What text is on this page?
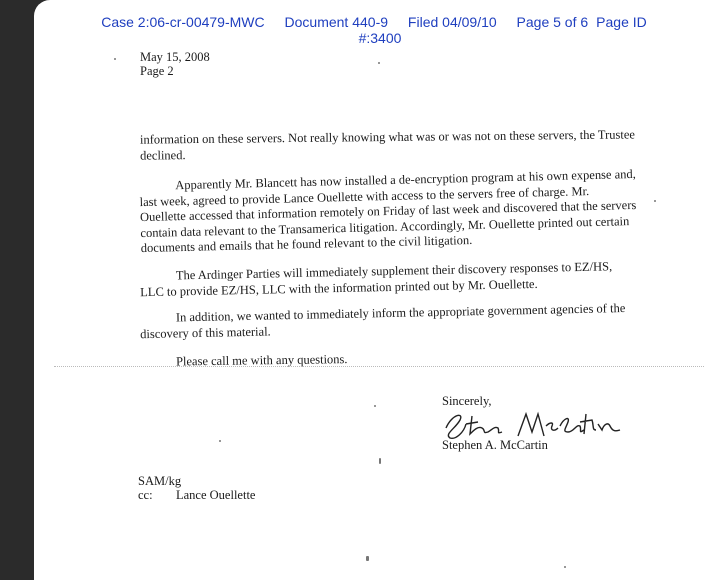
Case 2:06-cr-00479-MWC Document 440-9 Filed 04/09/10 Page 5 of 6 Page ID
#:3400
May 15, 2008
Page 2
information on these servers. Not really knowing what was or was not on these servers, the Trustee declined.
Apparently Mr. Blancett has now installed a de-encryption program at his own expense and, last week, agreed to provide Lance Ouellette with access to the servers free of charge. Mr. Ouellette accessed that information remotely on Friday of last week and discovered that the servers contain data relevant to the Transamerica litigation. Accordingly, Mr. Ouellette printed out certain documents and emails that he found relevant to the civil litigation.
The Ardinger Parties will immediately supplement their discovery responses to EZ/HS, LLC to provide EZ/HS, LLC with the information printed out by Mr. Ouellette.
In addition, we wanted to immediately inform the appropriate government agencies of the discovery of this material.
Please call me with any questions.
Sincerely,
Stephen A. McCartin
SAM/kg
cc: Lance Ouellette
